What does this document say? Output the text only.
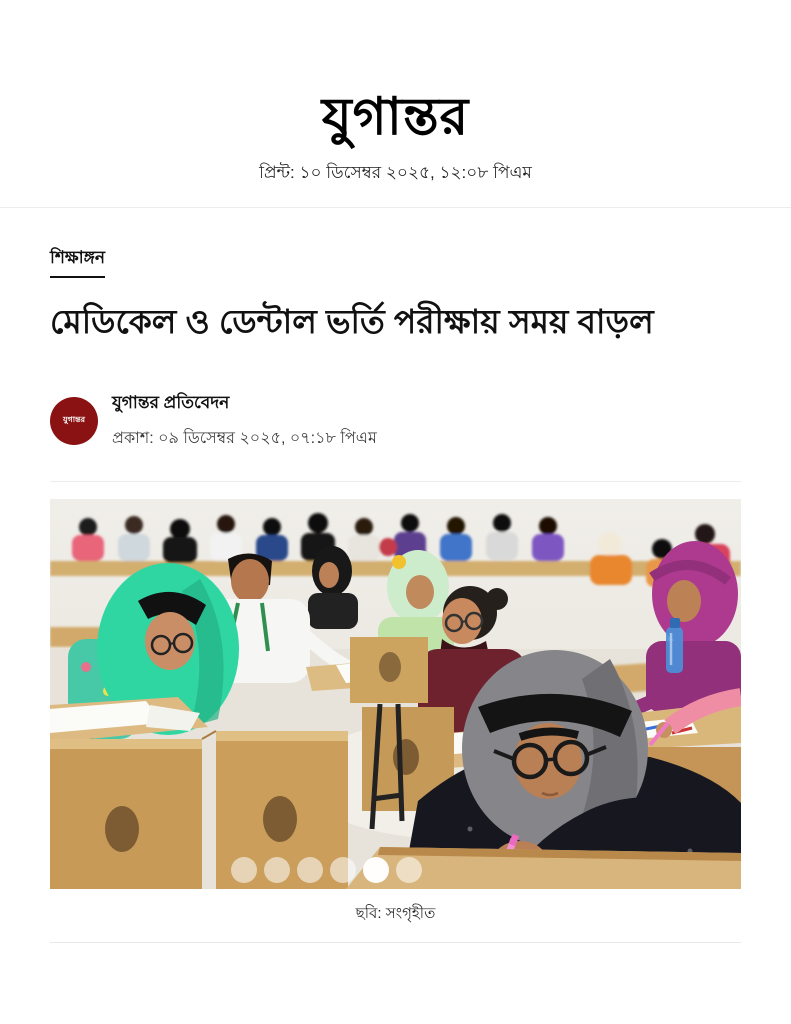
যুগান্তর
প্রিন্ট: ১০ ডিসেম্বর ২০২৫, ১২:০৮ পিএম
শিক্ষাঙ্গন
মেডিকেল ও ডেন্টাল ভর্তি পরীক্ষায় সময় বাড়ল
যুগান্তর
যুগান্তর প্রতিবেদন
প্রকাশ: ০৯ ডিসেম্বর ২০২৫, ০৭:১৮ পিএম
ছবি: সংগৃহীত
